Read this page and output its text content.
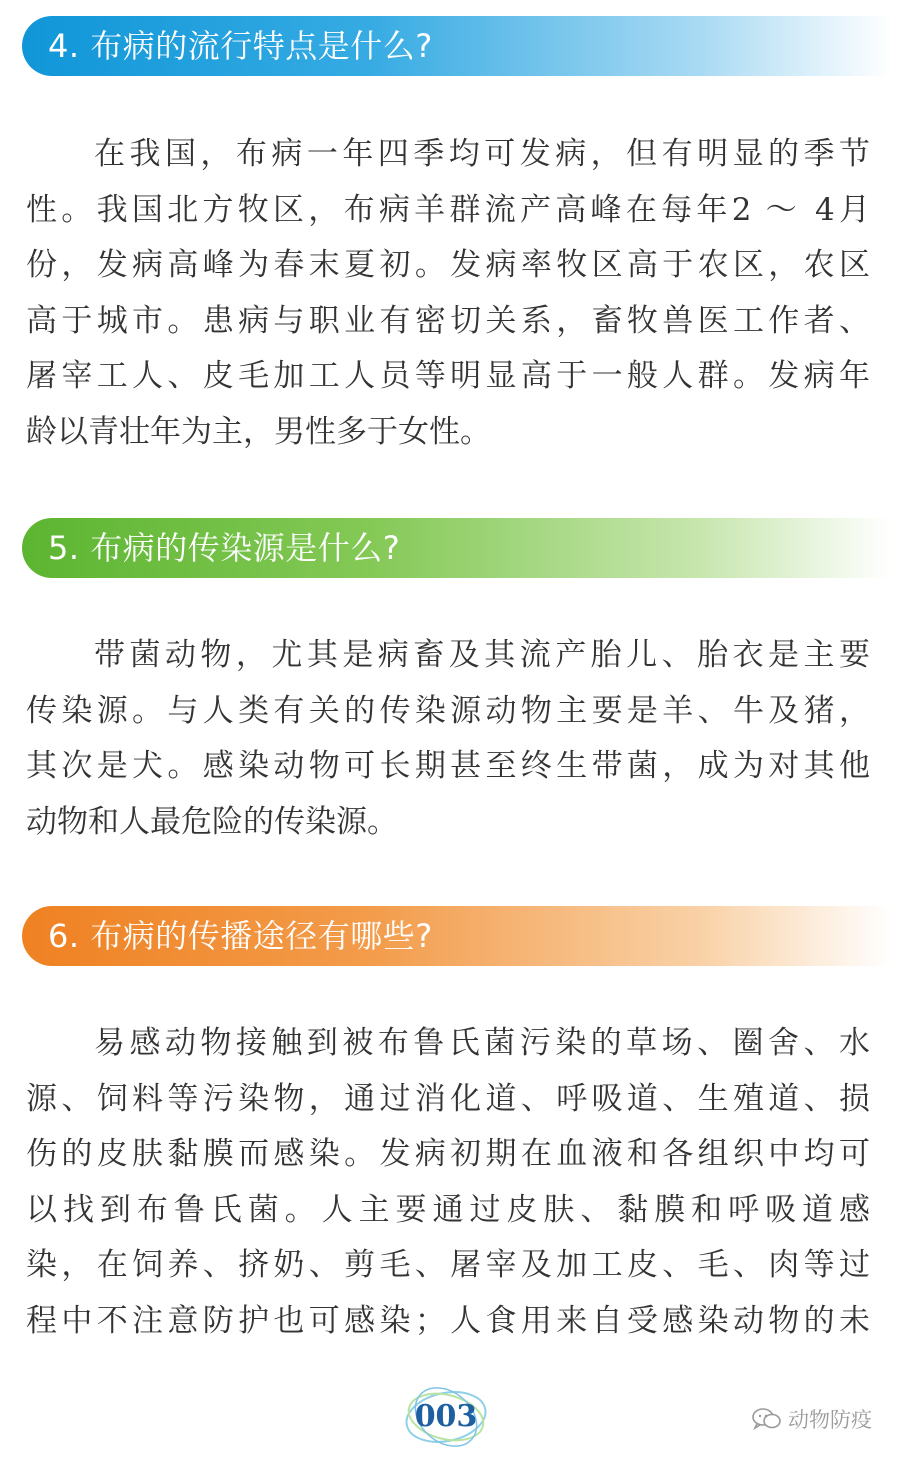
4. 布病的流行特点是什么?
在我国，布病一年四季均可发病，但有明显的季节
性。我国北方牧区，布病羊群流产高峰在每年2 ～ 4月
份，发病高峰为春末夏初。发病率牧区高于农区，农区
高于城市。患病与职业有密切关系，畜牧兽医工作者、
屠宰工人、皮毛加工人员等明显高于一般人群。发病年
龄以青壮年为主，男性多于女性。
5. 布病的传染源是什么?
带菌动物，尤其是病畜及其流产胎儿、胎衣是主要
传染源。与人类有关的传染源动物主要是羊、牛及猪，
其次是犬。感染动物可长期甚至终生带菌，成为对其他
动物和人最危险的传染源。
6. 布病的传播途径有哪些?
易感动物接触到被布鲁氏菌污染的草场、圈舍、水
源、饲料等污染物，通过消化道、呼吸道、生殖道、损
伤的皮肤黏膜而感染。发病初期在血液和各组织中均可
以找到布鲁氏菌。人主要通过皮肤、黏膜和呼吸道感
染，在饲养、挤奶、剪毛、屠宰及加工皮、毛、肉等过
程中不注意防护也可感染；人食用来自受感染动物的未
003	动物防疫
